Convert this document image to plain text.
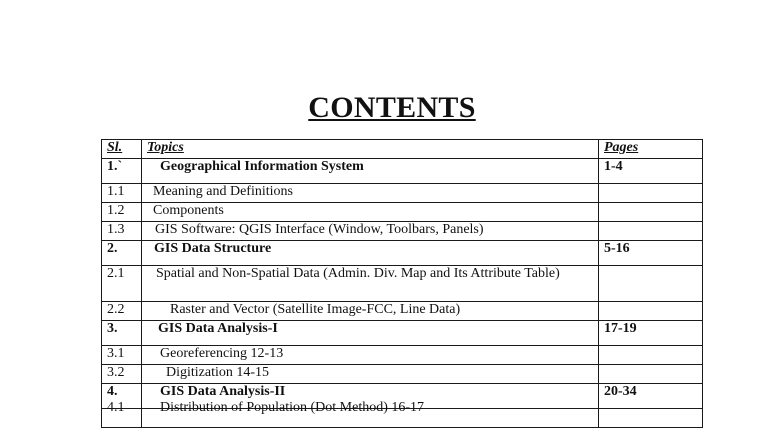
CONTENTS
Sl.	Topics	Pages
1.`	Geographical Information System	1-4
1.1	Meaning and Definitions	
1.2	Components	
1.3	GIS Software: QGIS Interface (Window, Toolbars, Panels)	
2.	GIS Data Structure	5-16
2.1	Spatial and Non-Spatial Data (Admin. Div. Map and Its Attribute Table)	
2.2	Raster and Vector (Satellite Image-FCC, Line Data)	
3.	GIS Data Analysis-I	17-19
3.1	Georeferencing 12-13	
3.2	Digitization 14-15	
4.	GIS Data Analysis-II	20-34
4.1	Distribution of Population (Dot Method) 16-17	
